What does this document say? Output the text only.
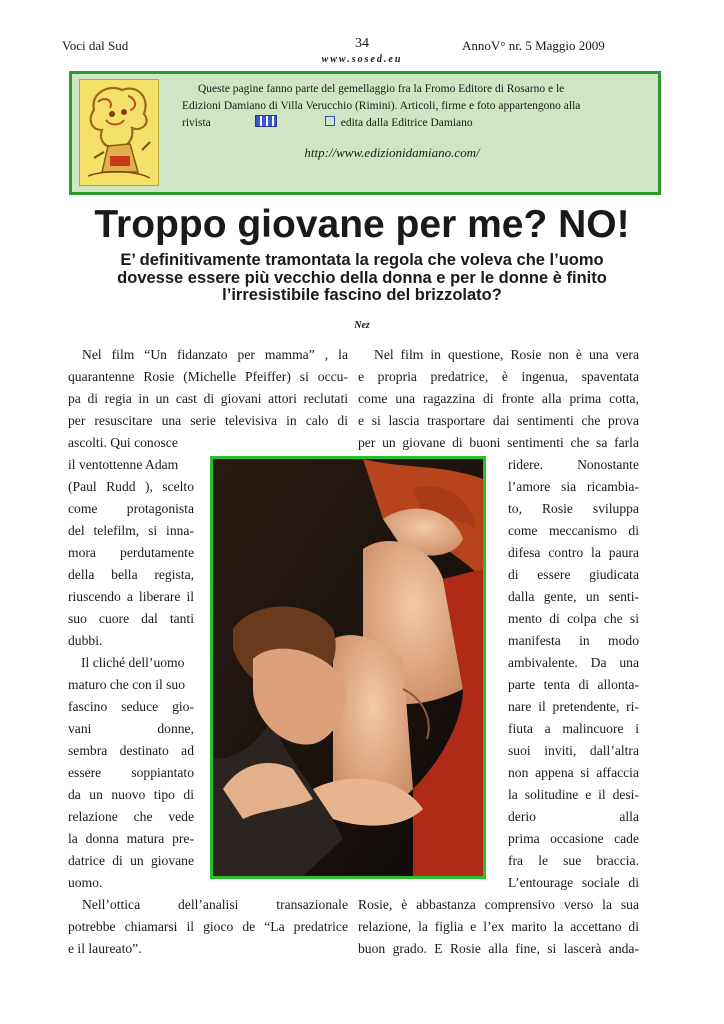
Voci dal Sud	34	AnnoV° nr. 5 Maggio 2009
www.sosed.eu
Queste pagine fanno parte del gemellaggio fra la Fromo Editore di Rosarno e le
Edizioni Damiano di Villa Verucchio (Rimini). Articoli, firme e foto appartengono alla
rivista	edita dalla Editrice Damiano
http://www.edizionidamiano.com/
Troppo giovane per me? NO!
E’ definitivamente tramontata la regola che voleva che l’uomo
dovesse essere più vecchio della donna e per le donne è finito
l’irresistibile fascino del brizzolato?
Nez
Nel film “Un fidanzato per mamma” , la
quarantenne Rosie (Michelle Pfeiffer) si occu-
pa di regia in un cast di giovani attori reclutati
per resuscitare una serie televisiva in calo di
ascolti. Qui conosce
il ventottenne Adam
(Paul Rudd ), scelto
come protagonista
del telefilm, si inna-
mora perdutamente
della bella regista,
riuscendo a liberare il
suo cuore dal tanti
dubbi.
Il cliché dell’uomo
maturo che con il suo
fascino seduce gio-
vani donne,
sembra destinato ad
essere soppiantato
da un nuovo tipo di
relazione che vede
la donna matura pre-
datrice di un giovane
uomo.
Nell’ottica dell’analisi transazionale
potrebbe chiamarsi il gioco de “La predatrice
e il laureato”.
Nel film in questione, Rosie non è una vera
e propria predatrice, è ingenua, spaventata
come una ragazzina di fronte alla prima cotta,
e si lascia trasportare dai sentimenti che prova
per un giovane di buoni sentimenti che sa farla
ridere. Nonostante
l’amore sia ricambia-
to, Rosie sviluppa
come meccanismo di
difesa contro la paura
di essere giudicata
dalla gente, un senti-
mento di colpa che si
manifesta in modo
ambivalente. Da una
parte tenta di allonta-
nare il pretendente, ri-
fiuta a malincuore i
suoi inviti, dall’altra
non appena si affaccia
la solitudine e il desi-
derio alla
prima occasione cade
fra le sue braccia.
L’entourage sociale di
Rosie, è abbastanza comprensivo verso la sua
relazione, la figlia e l’ex marito la accettano di
buon grado. E Rosie alla fine, si lascerà anda-
